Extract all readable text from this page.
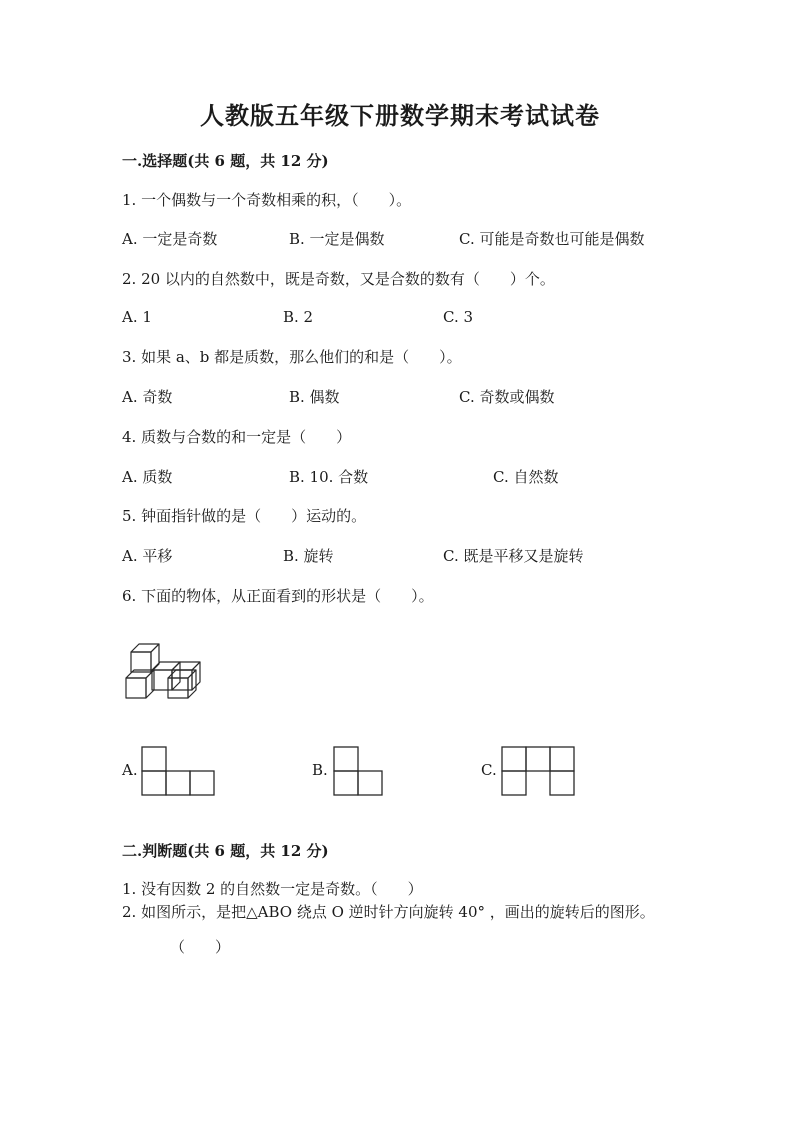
人教版五年级下册数学期末考试试卷
一.选择题(共 6 题，共 12 分)
1. 一个偶数与一个奇数相乘的积，（　　）。
A. 一定是奇数	B. 一定是偶数	C. 可能是奇数也可能是偶数
2. 20 以内的自然数中，既是奇数，又是合数的数有（　　）个。
A. 1	B. 2	C. 3
3. 如果 a、b 都是质数，那么他们的和是（　　）。
A. 奇数	B. 偶数	C. 奇数或偶数
4. 质数与合数的和一定是（　　）
A. 质数	B. 10. 合数	C. 自然数
5. 钟面指针做的是（　　）运动的。
A. 平移	B. 旋转	C. 既是平移又是旋转
6. 下面的物体，从正面看到的形状是（　　）。
A.	B.	C.
二.判断题(共 6 题，共 12 分)
1. 没有因数 2 的自然数一定是奇数。（　　）
2. 如图所示，是把△ABO 绕点 O 逆时针方向旋转 40° ，画出的旋转后的图形。
（　　）
